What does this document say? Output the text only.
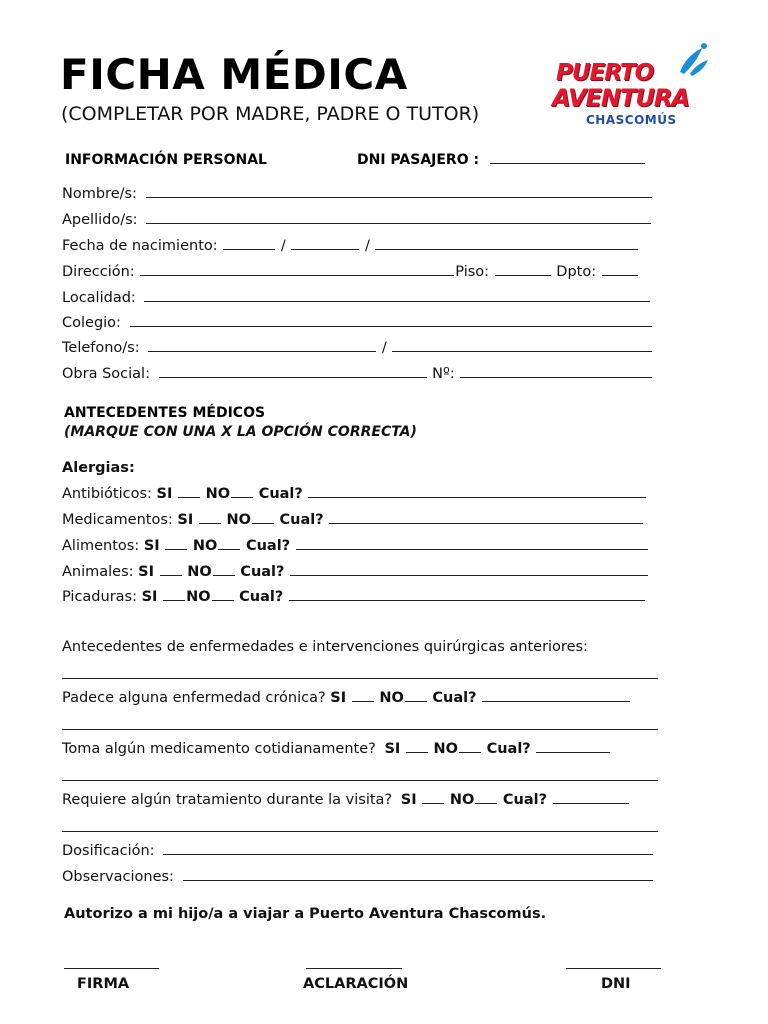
FICHA MÉDICA
(COMPLETAR POR MADRE, PADRE O TUTOR)
PUERTO
AVENTURA
CHASCOMÚS
INFORMACIÓN PERSONAL	DNI PASAJERO :
Nombre/s:
Apellido/s:
Fecha de nacimiento:	/	/
Dirección:	Piso:	Dpto:
Localidad:
Colegio:
Telefono/s:	/
Obra Social:	Nº:
ANTECEDENTES MÉDICOS
(MARQUE CON UNA X LA OPCIÓN CORRECTA)
Alergias:
Antibióticos: SI NO Cual?
Medicamentos: SI NO Cual?
Alimentos: SI NO Cual?
Animales: SI NO Cual?
Picaduras: SI NO Cual?
Antecedentes de enfermedades e intervenciones quirúrgicas anteriores:
Padece alguna enfermedad crónica? SI NO Cual?
Toma algún medicamento cotidianamente? SI NO Cual?
Requiere algún tratamiento durante la visita? SI NO Cual?
Dosificación:
Observaciones:
Autorizo a mi hijo/a a viajar a Puerto Aventura Chascomús.
FIRMA	ACLARACIÓN	DNI
